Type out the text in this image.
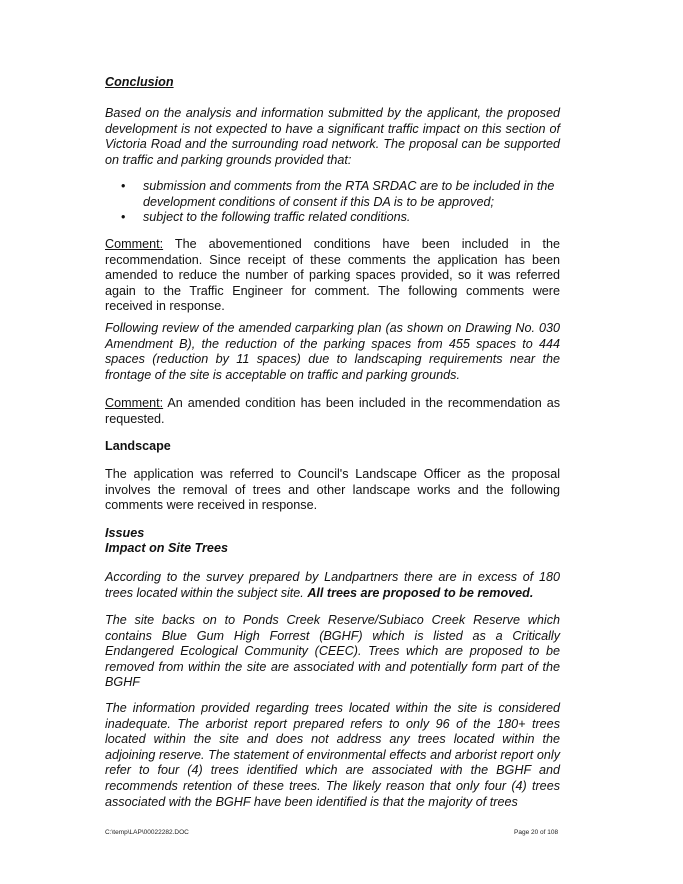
Conclusion
Based on the analysis and information submitted by the applicant, the proposed development is not expected to have a significant traffic impact on this section of Victoria Road and the surrounding road network. The proposal can be supported on traffic and parking grounds provided that:
• submission and comments from the RTA SRDAC are to be included in the development conditions of consent if this DA is to be approved;
• subject to the following traffic related conditions.
Comment: The abovementioned conditions have been included in the recommendation. Since receipt of these comments the application has been amended to reduce the number of parking spaces provided, so it was referred again to the Traffic Engineer for comment. The following comments were received in response.
Following review of the amended carparking plan (as shown on Drawing No. 030 Amendment B), the reduction of the parking spaces from 455 spaces to 444 spaces (reduction by 11 spaces) due to landscaping requirements near the frontage of the site is acceptable on traffic and parking grounds.
Comment: An amended condition has been included in the recommendation as requested.
Landscape
The application was referred to Council's Landscape Officer as the proposal involves the removal of trees and other landscape works and the following comments were received in response.
Issues
Impact on Site Trees
According to the survey prepared by Landpartners there are in excess of 180 trees located within the subject site. All trees are proposed to be removed.
The site backs on to Ponds Creek Reserve/Subiaco Creek Reserve which contains Blue Gum High Forrest (BGHF) which is listed as a Critically Endangered Ecological Community (CEEC). Trees which are proposed to be removed from within the site are associated with and potentially form part of the BGHF
The information provided regarding trees located within the site is considered inadequate. The arborist report prepared refers to only 96 of the 180+ trees located within the site and does not address any trees located within the adjoining reserve. The statement of environmental effects and arborist report only refer to four (4) trees identified which are associated with the BGHF and recommends retention of these trees. The likely reason that only four (4) trees associated with the BGHF have been identified is that the majority of trees
C:\temp\LAP\00022282.DOC	Page 20 of 108
